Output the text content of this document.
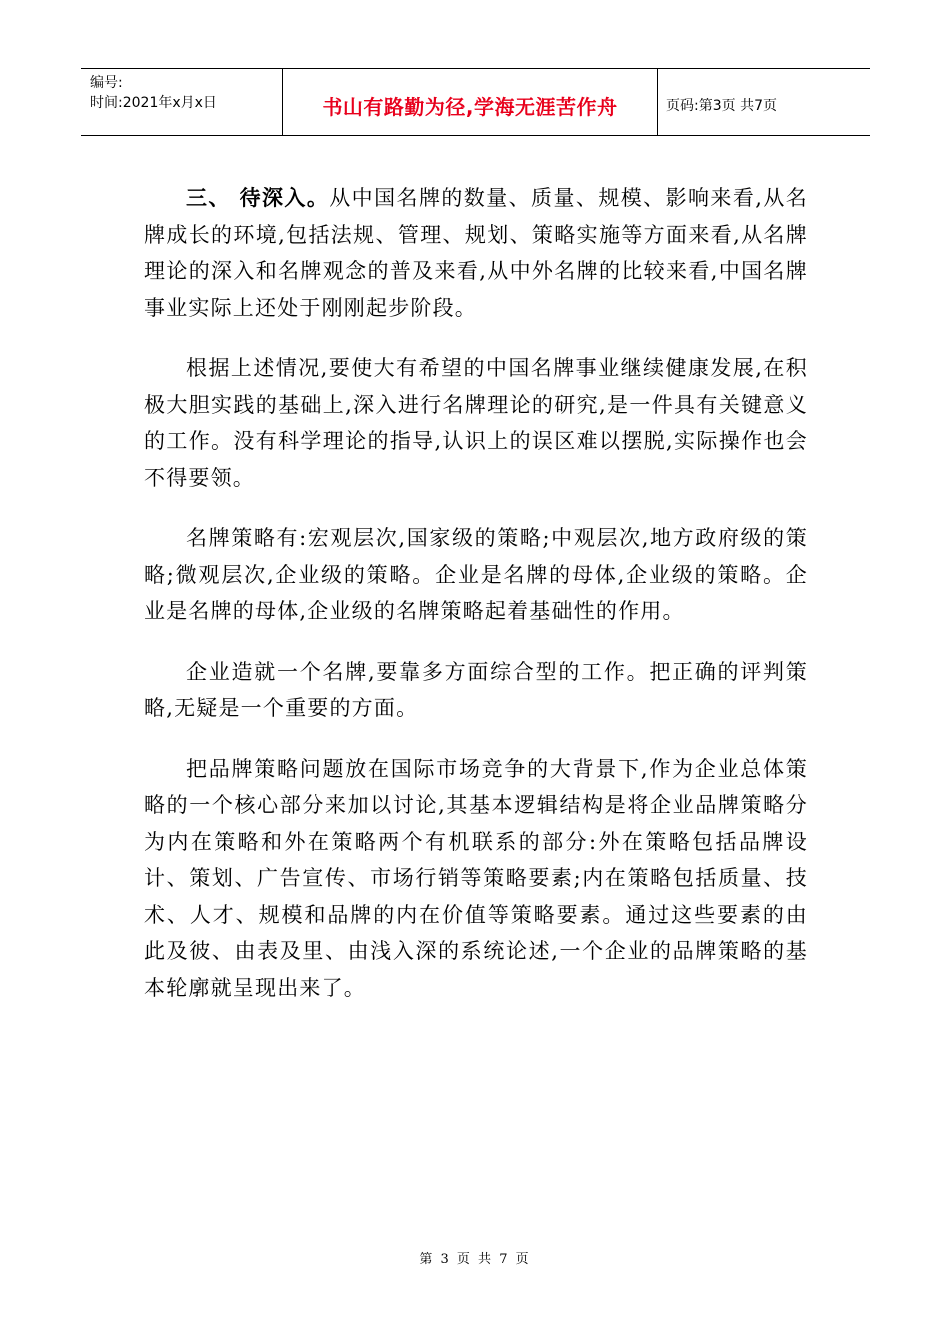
编号:
时间:2021年x月x日	书山有路勤为径,学海无涯苦作舟	页码:第3页 共7页

三、 待深入。从中国名牌的数量、质量、规模、影响来看,从名牌成长的环境,包括法规、管理、规划、策略实施等方面来看,从名牌理论的深入和名牌观念的普及来看,从中外名牌的比较来看,中国名牌事业实际上还处于刚刚起步阶段。

根据上述情况,要使大有希望的中国名牌事业继续健康发展,在积极大胆实践的基础上,深入进行名牌理论的研究,是一件具有关键意义的工作。没有科学理论的指导,认识上的误区难以摆脱,实际操作也会不得要领。

名牌策略有:宏观层次,国家级的策略;中观层次,地方政府级的策略;微观层次,企业级的策略。企业是名牌的母体,企业级的策略。企业是名牌的母体,企业级的名牌策略起着基础性的作用。

企业造就一个名牌,要靠多方面综合型的工作。把正确的评判策略,无疑是一个重要的方面。

把品牌策略问题放在国际市场竞争的大背景下,作为企业总体策略的一个核心部分来加以讨论,其基本逻辑结构是将企业品牌策略分为内在策略和外在策略两个有机联系的部分:外在策略包括品牌设计、策划、广告宣传、市场行销等策略要素;内在策略包括质量、技术、人才、规模和品牌的内在价值等策略要素。通过这些要素的由此及彼、由表及里、由浅入深的系统论述,一个企业的品牌策略的基本轮廓就呈现出来了。

第 3 页 共 7 页
